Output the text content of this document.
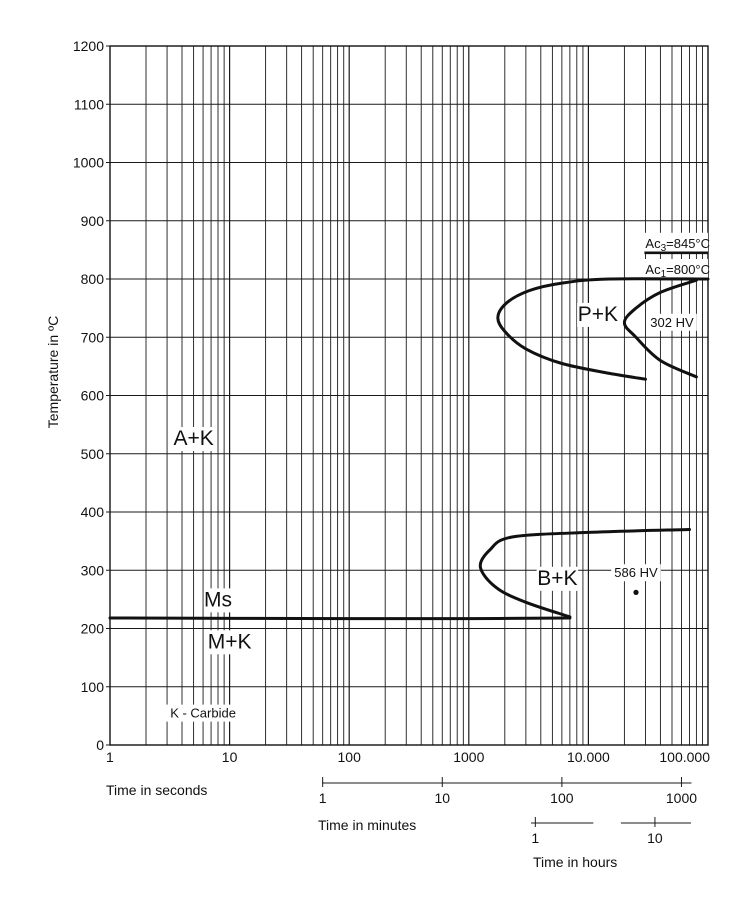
0
100
200
300
400
500
600
700
800
900
1000
1100
1200
Temperature in ºC
1	10	100	1000	10.000	100.000
Time in seconds	1	10	100	1000
Time in minutes
1	10
Time in hours
Ac3=845°C
Ac1=800°C
A+K
P+K
B+K
Ms
M+K
302 HV
586 HV
K - Carbide
